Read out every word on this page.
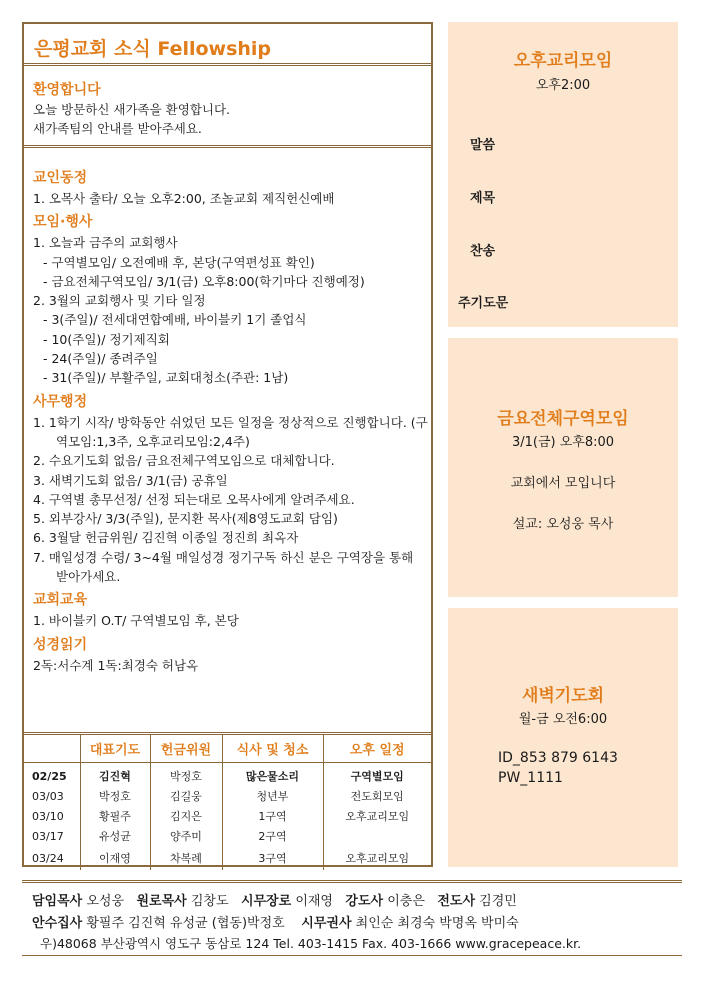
은평교회 소식 Fellowship
환영합니다
오늘 방문하신 새가족을 환영합니다.
새가족팀의 안내를 받아주세요.
교인동정
1. 오목사 출타/ 오늘 오후2:00, 조놀교회 제직헌신예배
모임·행사
1. 오늘과 금주의 교회행사
- 구역별모임/ 오전예배 후, 본당(구역편성표 확인)
- 금요전체구역모임/ 3/1(금) 오후8:00(학기마다 진행예정)
2. 3월의 교회행사 및 기타 일정
- 3(주일)/ 전세대연합예배, 바이블키 1기 졸업식
- 10(주일)/ 정기제직회
- 24(주일)/ 종려주일
- 31(주일)/ 부활주일, 교회대청소(주관: 1남)
사무행정
1. 1학기 시작/ 방학동안 쉬었던 모든 일정을 정상적으로 진행합니다. (구역모임:1,3주, 오후교리모임:2,4주)
2. 수요기도회 없음/ 금요전체구역모임으로 대체합니다.
3. 새벽기도회 없음/ 3/1(금) 공휴일
4. 구역별 총무선정/ 선정 되는대로 오목사에게 알려주세요.
5. 외부강사/ 3/3(주일), 문지환 목사(제8영도교회 담임)
6. 3월달 헌금위원/ 김진혁 이종일 정진희 최옥자
7. 매일성경 수령/ 3~4월 매일성경 정기구독 하신 분은 구역장을 통해 받아가세요.
교회교육
1. 바이블키 O.T/ 구역별모임 후, 본당
성경읽기
2독:서수계 1독:최경숙 허남옥
	대표기도	헌금위원	식사 및 청소	오후 일정
02/25	김진혁	박정호	많은물소리	구역별모임
03/03	박정호	김길웅	청년부	전도회모임
03/10	황필주	김지은	1구역	오후교리모임
03/17	유성균	양주미	2구역	
03/24	이재영	차복례	3구역	오후교리모임
오후교리모임
오후2:00
말씀
제목
찬송
주기도문
금요전체구역모임
3/1(금) 오후8:00
교회에서 모입니다
설교: 오성웅 목사
새벽기도회
월-금 오전6:00
ID_853 879 6143
PW_1111
담임목사 오성웅 원로목사 김창도 시무장로 이재영 강도사 이충은 전도사 김경민
안수집사 황필주 김진혁 유성균 (협동)박정호 시무권사 최인순 최경숙 박명옥 박미숙
우)48068 부산광역시 영도구 동삼로 124 Tel. 403-1415 Fax. 403-1666 www.gracepeace.kr.
